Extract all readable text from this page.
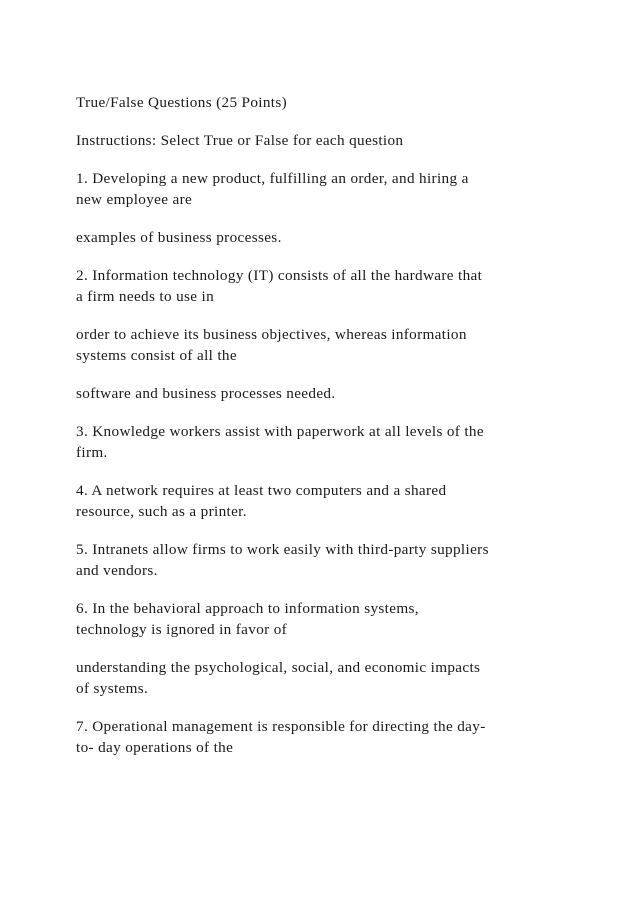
True/False Questions (25 Points)

Instructions: Select True or False for each question

1. Developing a new product, fulfilling an order, and hiring a
new employee are

examples of business processes.

2. Information technology (IT) consists of all the hardware that
a firm needs to use in

order to achieve its business objectives, whereas information
systems consist of all the

software and business processes needed.

3. Knowledge workers assist with paperwork at all levels of the
firm.

4. A network requires at least two computers and a shared
resource, such as a printer.

5. Intranets allow firms to work easily with third-party suppliers
and vendors.

6. In the behavioral approach to information systems,
technology is ignored in favor of

understanding the psychological, social, and economic impacts
of systems.

7. Operational management is responsible for directing the day-
to- day operations of the
